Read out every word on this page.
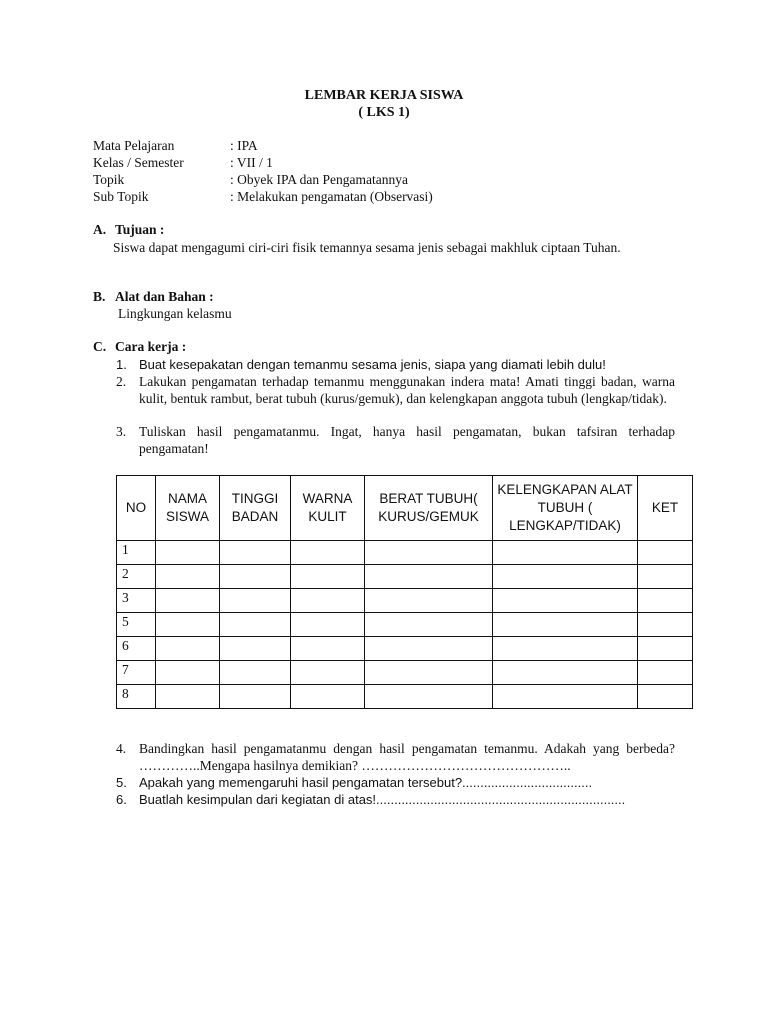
LEMBAR KERJA SISWA
( LKS 1)
Mata Pelajaran	: IPA
Kelas / Semester	: VII / 1
Topik	: Obyek IPA dan Pengamatannya
Sub Topik	: Melakukan pengamatan (Observasi)
A. Tujuan :
Siswa dapat mengagumi ciri-ciri fisik temannya sesama jenis sebagai makhluk ciptaan Tuhan.
B. Alat dan Bahan :
Lingkungan kelasmu
C. Cara kerja :
1. Buat kesepakatan dengan temanmu sesama jenis, siapa yang diamati lebih dulu!
2. Lakukan pengamatan terhadap temanmu menggunakan indera mata! Amati tinggi badan, warna kulit, bentuk rambut, berat tubuh (kurus/gemuk), dan kelengkapan anggota tubuh (lengkap/tidak).
3. Tuliskan hasil pengamatanmu. Ingat, hanya hasil pengamatan, bukan tafsiran terhadap pengamatan!
NO	NAMA SISWA	TINGGI BADAN	WARNA KULIT	BERAT TUBUH( KURUS/GEMUK	KELENGKAPAN ALAT TUBUH ( LENGKAP/TIDAK)	KET
1						
2						
3						
5						
6						
7						
8						
4. Bandingkan hasil pengamatanmu dengan hasil pengamatan temanmu. Adakah yang berbeda? …………..Mengapa hasilnya demikian? ………………………………………..
5. Apakah yang memengaruhi hasil pengamatan tersebut?....................................
6. Buatlah kesimpulan dari kegiatan di atas!.....................................................................
